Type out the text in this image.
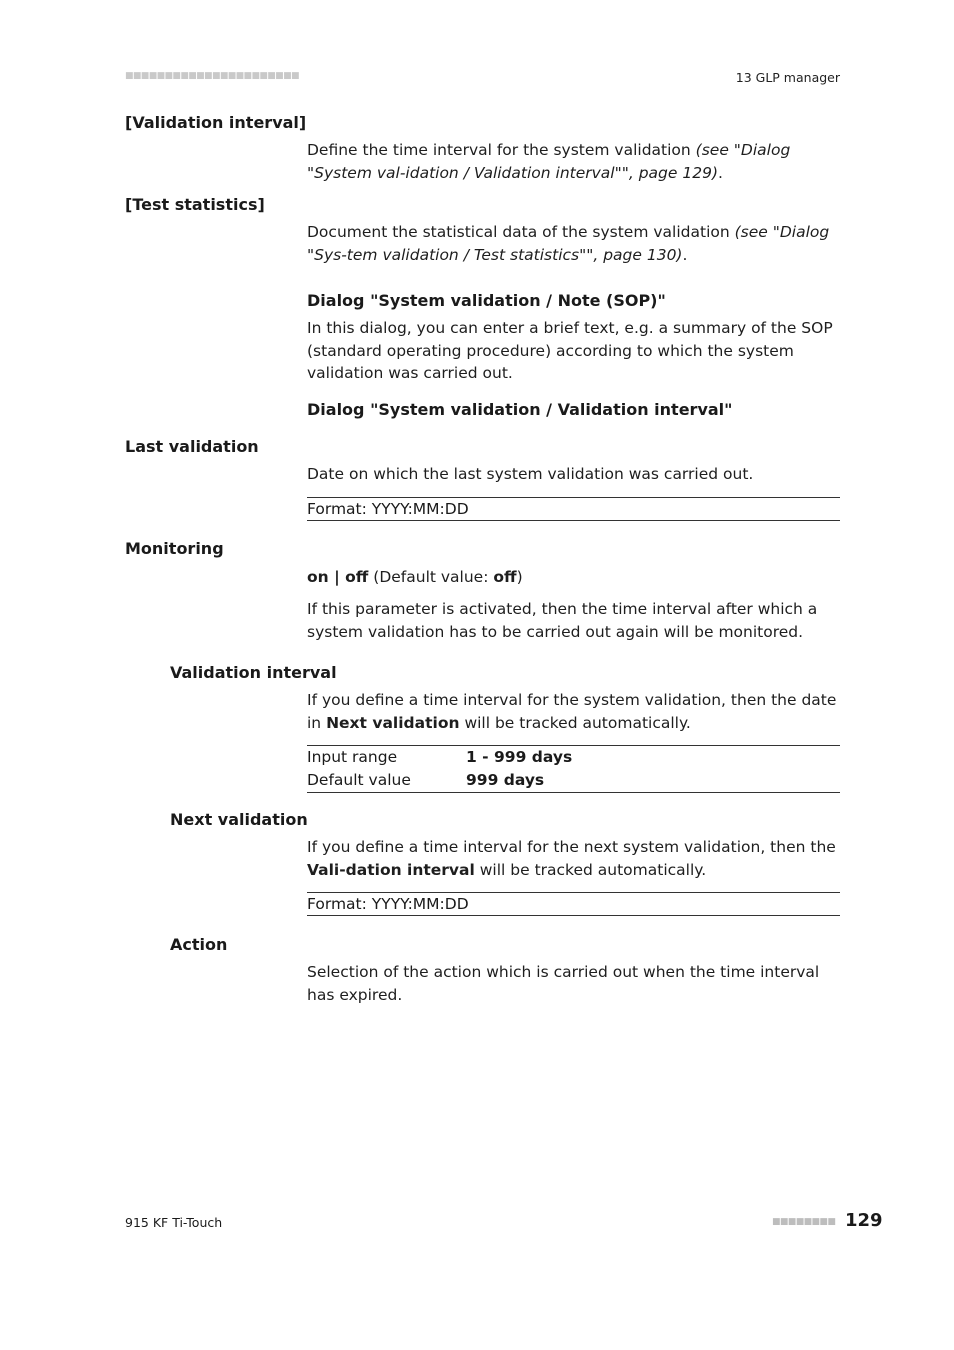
■■■■■■■■■■■■■■■■■■■■■■	13 GLP manager
[Validation interval]
Define the time interval for the system validation (see "Dialog "System val-idation / Validation interval"", page 129).
[Test statistics]
Document the statistical data of the system validation (see "Dialog "Sys-tem validation / Test statistics"", page 130).
Dialog "System validation / Note (SOP)"
In this dialog, you can enter a brief text, e.g. a summary of the SOP (standard operating procedure) according to which the system validation was carried out.
Dialog "System validation / Validation interval"
Last validation
Date on which the last system validation was carried out.
Format: YYYY:MM:DD
Monitoring
on | off (Default value: off)
If this parameter is activated, then the time interval after which a system validation has to be carried out again will be monitored.
Validation interval
If you define a time interval for the system validation, then the date in Next validation will be tracked automatically.
Input range	1 - 999 days
Default value	999 days
Next validation
If you define a time interval for the next system validation, then the Vali-dation interval will be tracked automatically.
Format: YYYY:MM:DD
Action
Selection of the action which is carried out when the time interval has expired.
915 KF Ti-Touch	■■■■■■■■ 129
